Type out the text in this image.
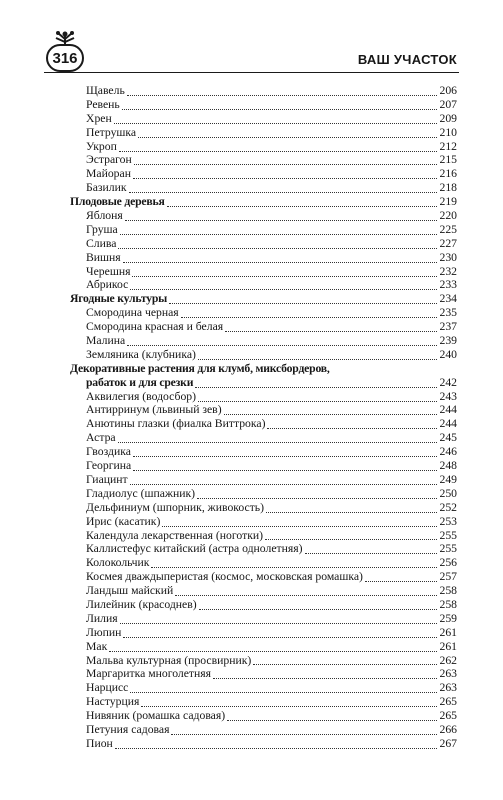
316	ВАШ УЧАСТОК
Щавель	206
Ревень	207
Хрен	209
Петрушка	210
Укроп	212
Эстрагон	215
Майоран	216
Базилик	218
Плодовые деревья	219
Яблоня	220
Груша	225
Слива	227
Вишня	230
Черешня	232
Абрикос	233
Ягодные культуры	234
Смородина черная	235
Смородина красная и белая	237
Малина	239
Земляника (клубника)	240
Декоративные растения для клумб, миксбордеров,
рабаток и для срезки	242
Аквилегия (водосбор)	243
Антирринум (львиный зев)	244
Анютины глазки (фиалка Виттрока)	244
Астра	245
Гвоздика	246
Георгина	248
Гиацинт	249
Гладиолус (шпажник)	250
Дельфиниум (шпорник, живокость)	252
Ирис (касатик)	253
Календула лекарственная (ноготки)	255
Каллистефус китайский (астра однолетняя)	255
Колокольчик	256
Космея дваждыперистая (космос, московская ромашка)	257
Ландыш майский	258
Лилейник (красоднев)	258
Лилия	259
Люпин	261
Мак	261
Мальва культурная (просвирник)	262
Маргаритка многолетняя	263
Нарцисс	263
Настурция	265
Нивяник (ромашка садовая)	265
Петуния садовая	266
Пион	267
